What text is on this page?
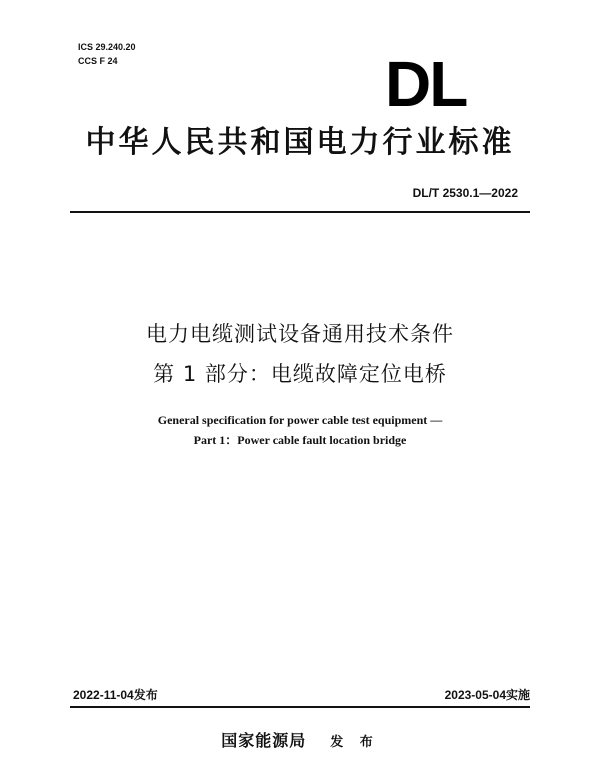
ICS 29.240.20
CCS F 24	DL
中华人民共和国电力行业标准
DL/T 2530.1—2022
电力电缆测试设备通用技术条件
第 1 部分：电缆故障定位电桥
General specification for power cable test equipment —
Part 1：Power cable fault location bridge
2022-11-04发布	2023-05-04实施
国家能源局 发 布
